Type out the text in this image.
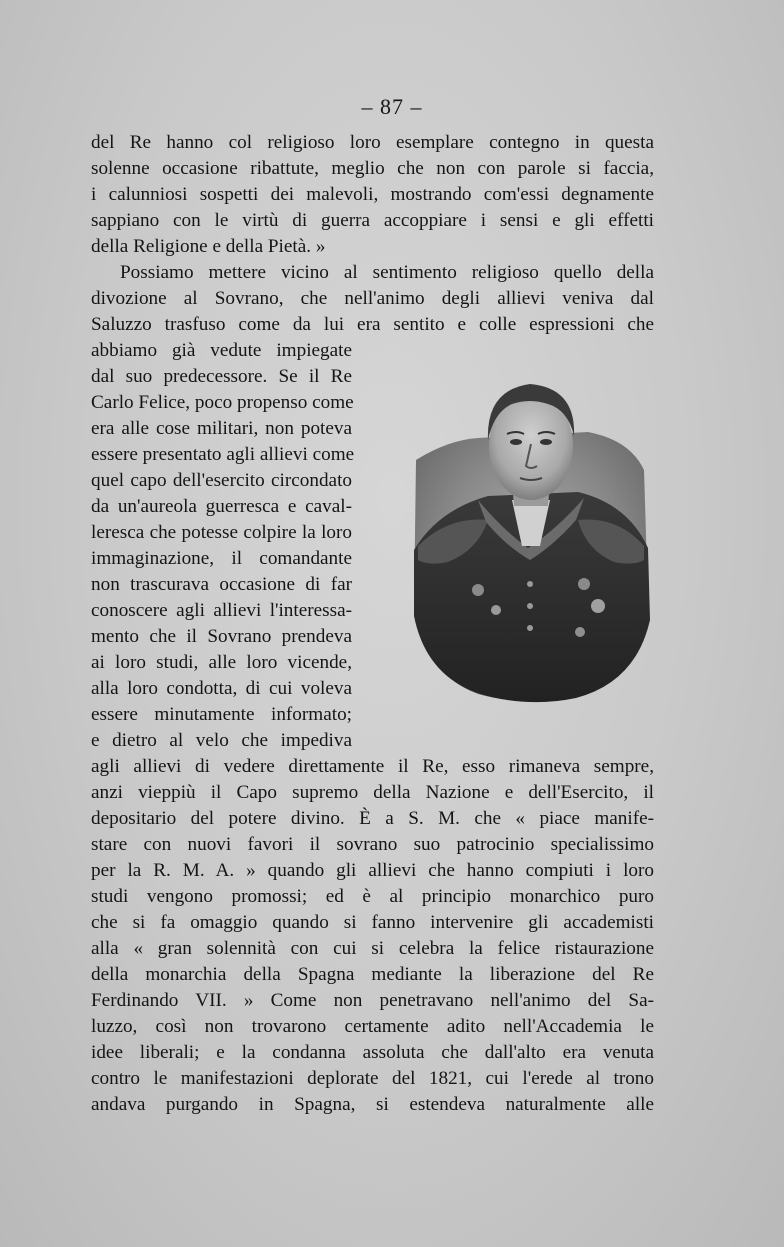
– 87 –
del Re hanno col religioso loro esemplare contegno in questa
solenne occasione ribattute, meglio che non con parole si faccia,
i calunniosi sospetti dei malevoli, mostrando com'essi degnamente
sappiano con le virtù di guerra accoppiare i sensi e gli effetti
della Religione e della Pietà. »
Possiamo mettere vicino al sentimento religioso quello della
divozione al Sovrano, che nell'animo degli allievi veniva dal
Saluzzo trasfuso come da lui era sentito e colle espressioni che
abbiamo già vedute impiegate
dal suo predecessore. Se il Re
Carlo Felice, poco propenso come
era alle cose militari, non poteva
essere presentato agli allievi come
quel capo dell'esercito circondato
da un'aureola guerresca e caval-
leresca che potesse colpire la loro
immaginazione, il comandante
non trascurava occasione di far
conoscere agli allievi l'interessa-
mento che il Sovrano prendeva
ai loro studi, alle loro vicende,
alla loro condotta, di cui voleva
essere minutamente informato;
e dietro al velo che impediva
agli allievi di vedere direttamente il Re, esso rimaneva sempre,
anzi vieppiù il Capo supremo della Nazione e dell'Esercito, il
depositario del potere divino. È a S. M. che « piace manife-
stare con nuovi favori il sovrano suo patrocinio specialissimo
per la R. M. A. » quando gli allievi che hanno compiuti i loro
studi vengono promossi; ed è al principio monarchico puro
che si fa omaggio quando si fanno intervenire gli accademisti
alla « gran solennità con cui si celebra la felice ristaurazione
della monarchia della Spagna mediante la liberazione del Re
Ferdinando VII. » Come non penetravano nell'animo del Sa-
luzzo, così non trovarono certamente adito nell'Accademia le
idee liberali; e la condanna assoluta che dall'alto era venuta
contro le manifestazioni deplorate del 1821, cui l'erede al trono
andava purgando in Spagna, si estendeva naturalmente alle
